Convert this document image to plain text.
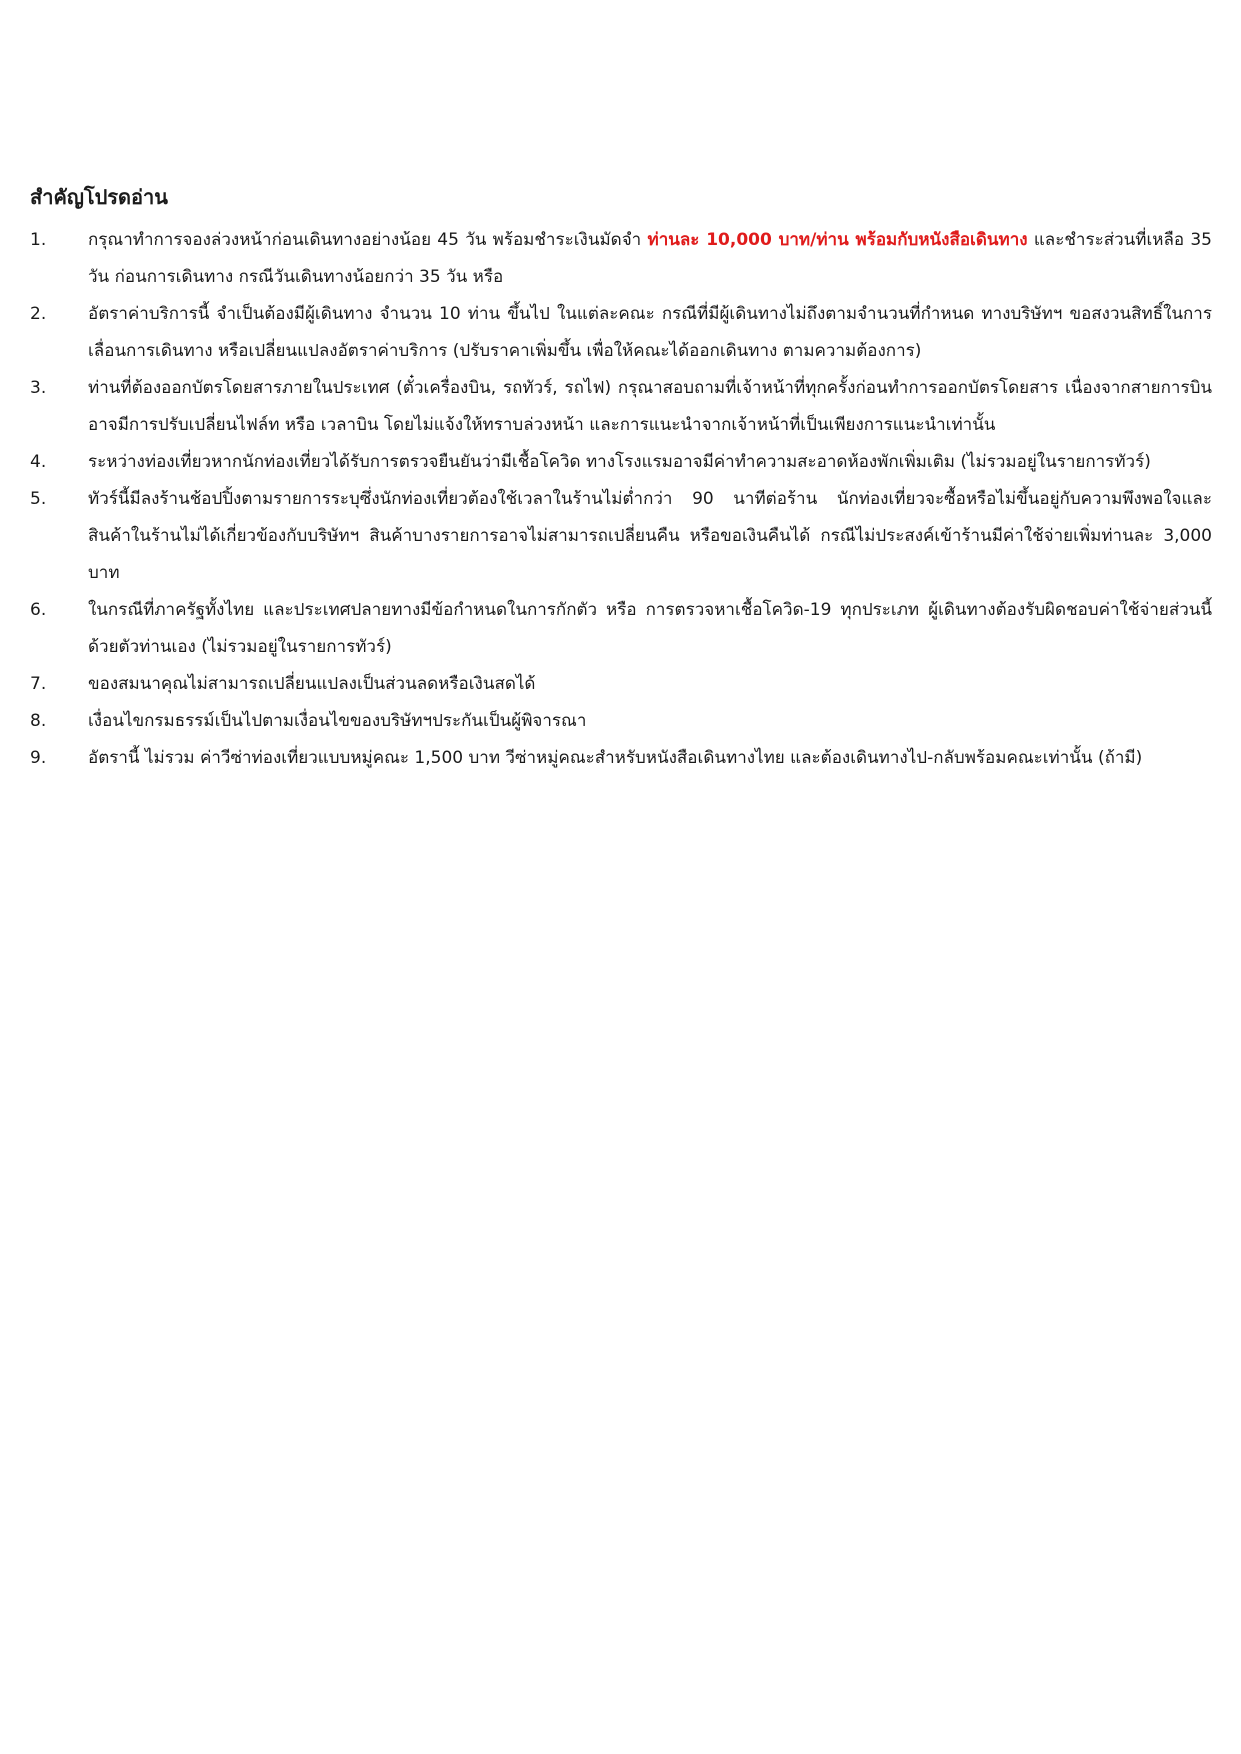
สำคัญโปรดอ่าน
1.	กรุณาทำการจองล่วงหน้าก่อนเดินทางอย่างน้อย 45 วัน พร้อมชำระเงินมัดจำ ท่านละ 10,000 บาท/ท่าน พร้อมกับหนังสือเดินทาง และชำระส่วนที่เหลือ 35 วัน ก่อนการเดินทาง กรณีวันเดินทางน้อยกว่า 35 วัน หรือ
2.	อัตราค่าบริการนี้ จำเป็นต้องมีผู้เดินทาง จำนวน 10 ท่าน ขึ้นไป ในแต่ละคณะ กรณีที่มีผู้เดินทางไม่ถึงตามจำนวนที่กำหนด ทางบริษัทฯ ขอสงวนสิทธิ์ในการเลื่อนการเดินทาง หรือเปลี่ยนแปลงอัตราค่าบริการ (ปรับราคาเพิ่มขึ้น เพื่อให้คณะได้ออกเดินทาง ตามความต้องการ)
3.	ท่านที่ต้องออกบัตรโดยสารภายในประเทศ (ตั๋วเครื่องบิน, รถทัวร์, รถไฟ) กรุณาสอบถามที่เจ้าหน้าที่ทุกครั้งก่อนทำการออกบัตรโดยสาร เนื่องจากสายการบินอาจมีการปรับเปลี่ยนไฟล์ท หรือ เวลาบิน โดยไม่แจ้งให้ทราบล่วงหน้า และการแนะนำจากเจ้าหน้าที่เป็นเพียงการแนะนำเท่านั้น
4.	ระหว่างท่องเที่ยวหากนักท่องเที่ยวได้รับการตรวจยืนยันว่ามีเชื้อโควิด ทางโรงแรมอาจมีค่าทำความสะอาดห้องพักเพิ่มเติม (ไม่รวมอยู่ในรายการทัวร์)
5.	ทัวร์นี้มีลงร้านช้อปปิ้งตามรายการระบุซึ่งนักท่องเที่ยวต้องใช้เวลาในร้านไม่ต่ำกว่า 90 นาทีต่อร้าน นักท่องเที่ยวจะซื้อหรือไม่ขึ้นอยู่กับความพึงพอใจและสินค้าในร้านไม่ได้เกี่ยวข้องกับบริษัทฯ สินค้าบางรายการอาจไม่สามารถเปลี่ยนคืน หรือขอเงินคืนได้ กรณีไม่ประสงค์เข้าร้านมีค่าใช้จ่ายเพิ่มท่านละ 3,000 บาท
6.	ในกรณีที่ภาครัฐทั้งไทย และประเทศปลายทางมีข้อกำหนดในการกักตัว หรือ การตรวจหาเชื้อโควิด-19 ทุกประเภท ผู้เดินทางต้องรับผิดชอบค่าใช้จ่ายส่วนนี้ด้วยตัวท่านเอง (ไม่รวมอยู่ในรายการทัวร์)
7.	ของสมนาคุณไม่สามารถเปลี่ยนแปลงเป็นส่วนลดหรือเงินสดได้
8.	เงื่อนไขกรมธรรม์เป็นไปตามเงื่อนไขของบริษัทฯประกันเป็นผู้พิจารณา
9.	อัตรานี้ ไม่รวม ค่าวีซ่าท่องเที่ยวแบบหมู่คณะ 1,500 บาท วีซ่าหมู่คณะสำหรับหนังสือเดินทางไทย และต้องเดินทางไป-กลับพร้อมคณะเท่านั้น (ถ้ามี)
